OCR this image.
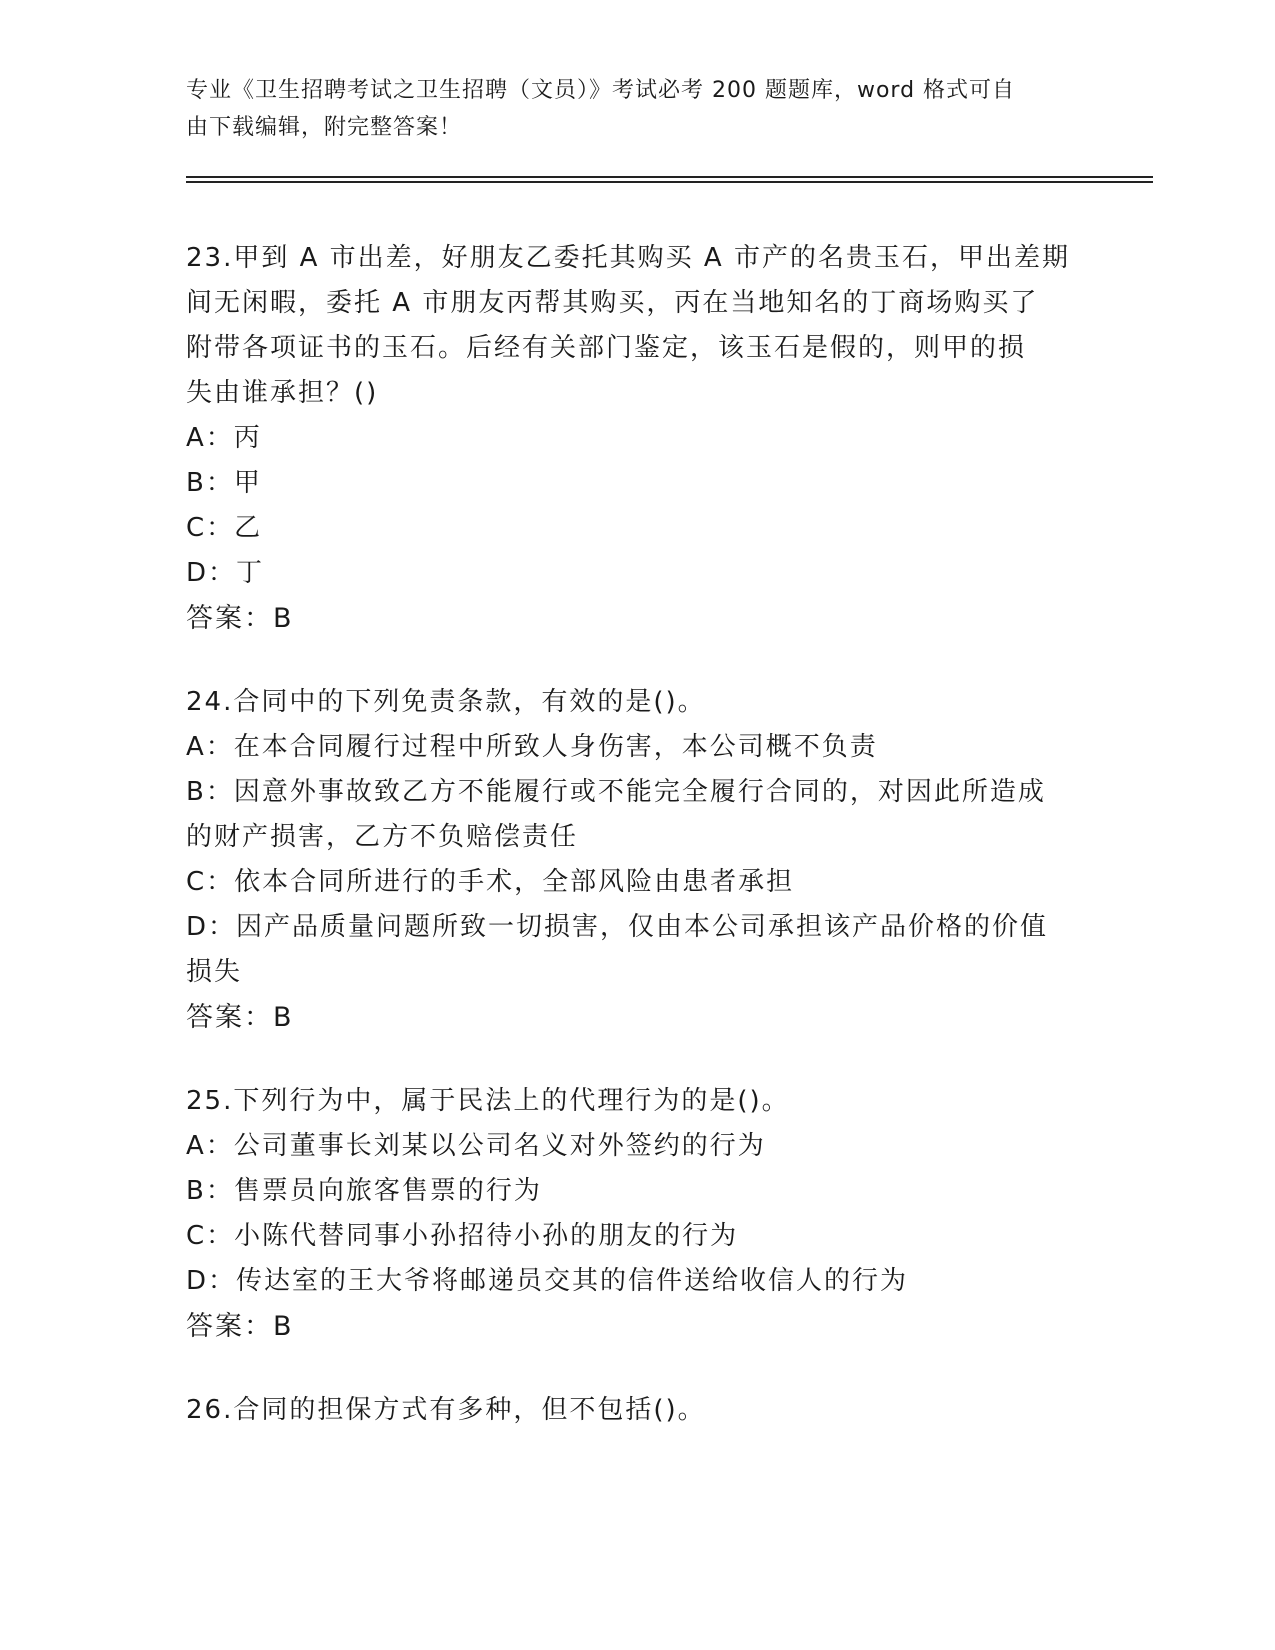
专业《卫生招聘考试之卫生招聘（文员）》考试必考 200 题题库，word 格式可自
由下载编辑，附完整答案！
23.甲到 A 市出差，好朋友乙委托其购买 A 市产的名贵玉石，甲出差期
间无闲暇，委托 A 市朋友丙帮其购买，丙在当地知名的丁商场购买了
附带各项证书的玉石。后经有关部门鉴定，该玉石是假的，则甲的损
失由谁承担？()
A：丙
B：甲
C：乙
D：丁
答案：B
24.合同中的下列免责条款，有效的是()。
A：在本合同履行过程中所致人身伤害，本公司概不负责
B：因意外事故致乙方不能履行或不能完全履行合同的，对因此所造成
的财产损害，乙方不负赔偿责任
C：依本合同所进行的手术，全部风险由患者承担
D：因产品质量问题所致一切损害，仅由本公司承担该产品价格的价值
损失
答案：B
25.下列行为中，属于民法上的代理行为的是()。
A：公司董事长刘某以公司名义对外签约的行为
B：售票员向旅客售票的行为
C：小陈代替同事小孙招待小孙的朋友的行为
D：传达室的王大爷将邮递员交其的信件送给收信人的行为
答案：B
26.合同的担保方式有多种，但不包括()。
